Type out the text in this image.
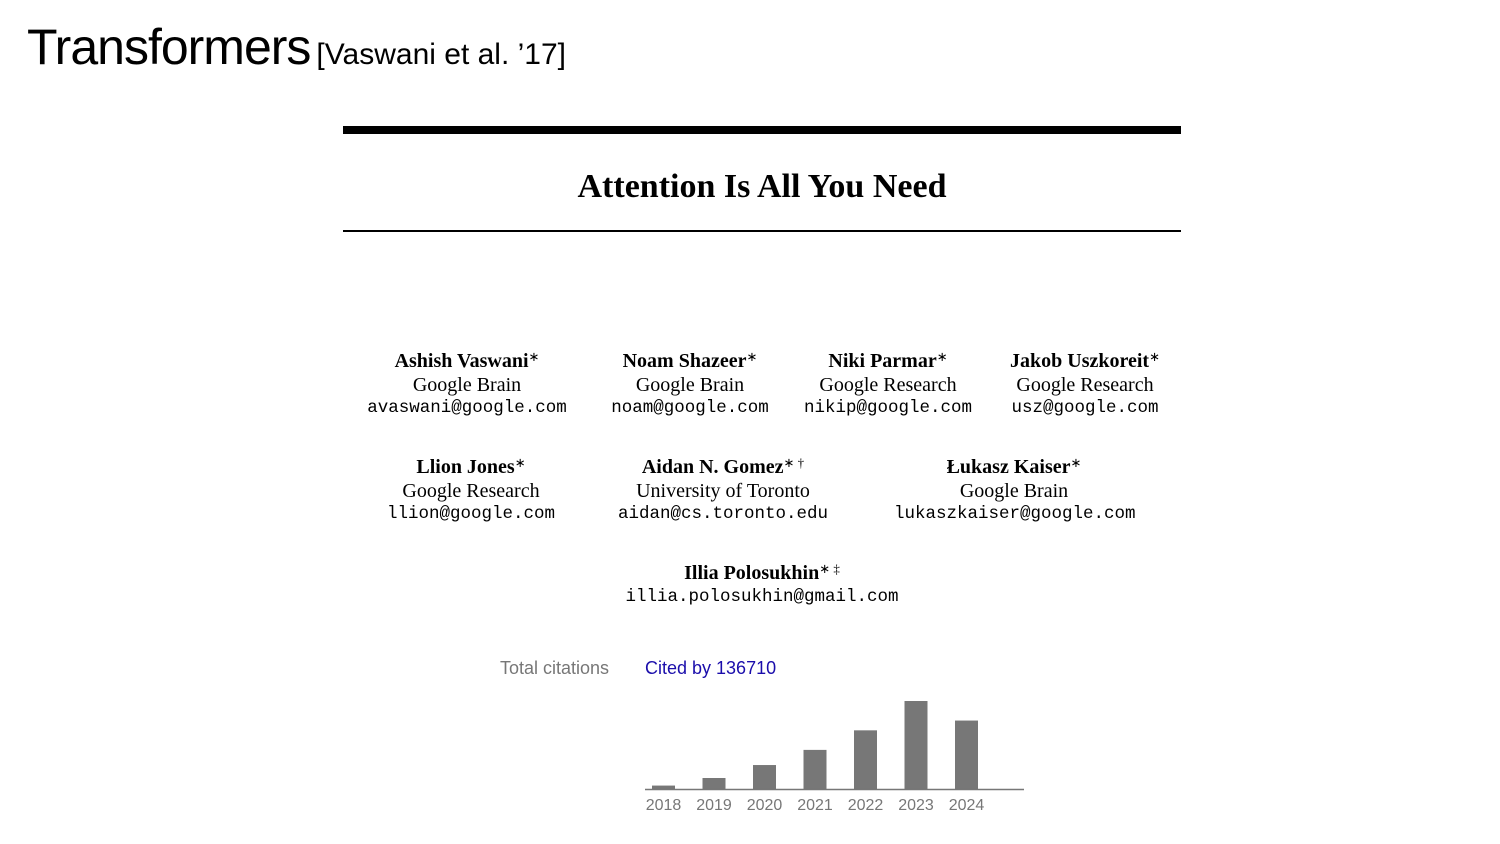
Transformers [Vaswani et al. ’17]
Attention Is All You Need
Ashish Vaswani∗
Google Brain
avaswani@google.com
Noam Shazeer∗
Google Brain
noam@google.com
Niki Parmar∗
Google Research
nikip@google.com
Jakob Uszkoreit∗
Google Research
usz@google.com
Llion Jones∗
Google Research
llion@google.com
Aidan N. Gomez∗ †
University of Toronto
aidan@cs.toronto.edu
Łukasz Kaiser∗
Google Brain
lukaszkaiser@google.com
Illia Polosukhin∗ ‡
illia.polosukhin@gmail.com
Total citations Cited by 136710
2018 2019 2020 2021 2022 2023 2024
